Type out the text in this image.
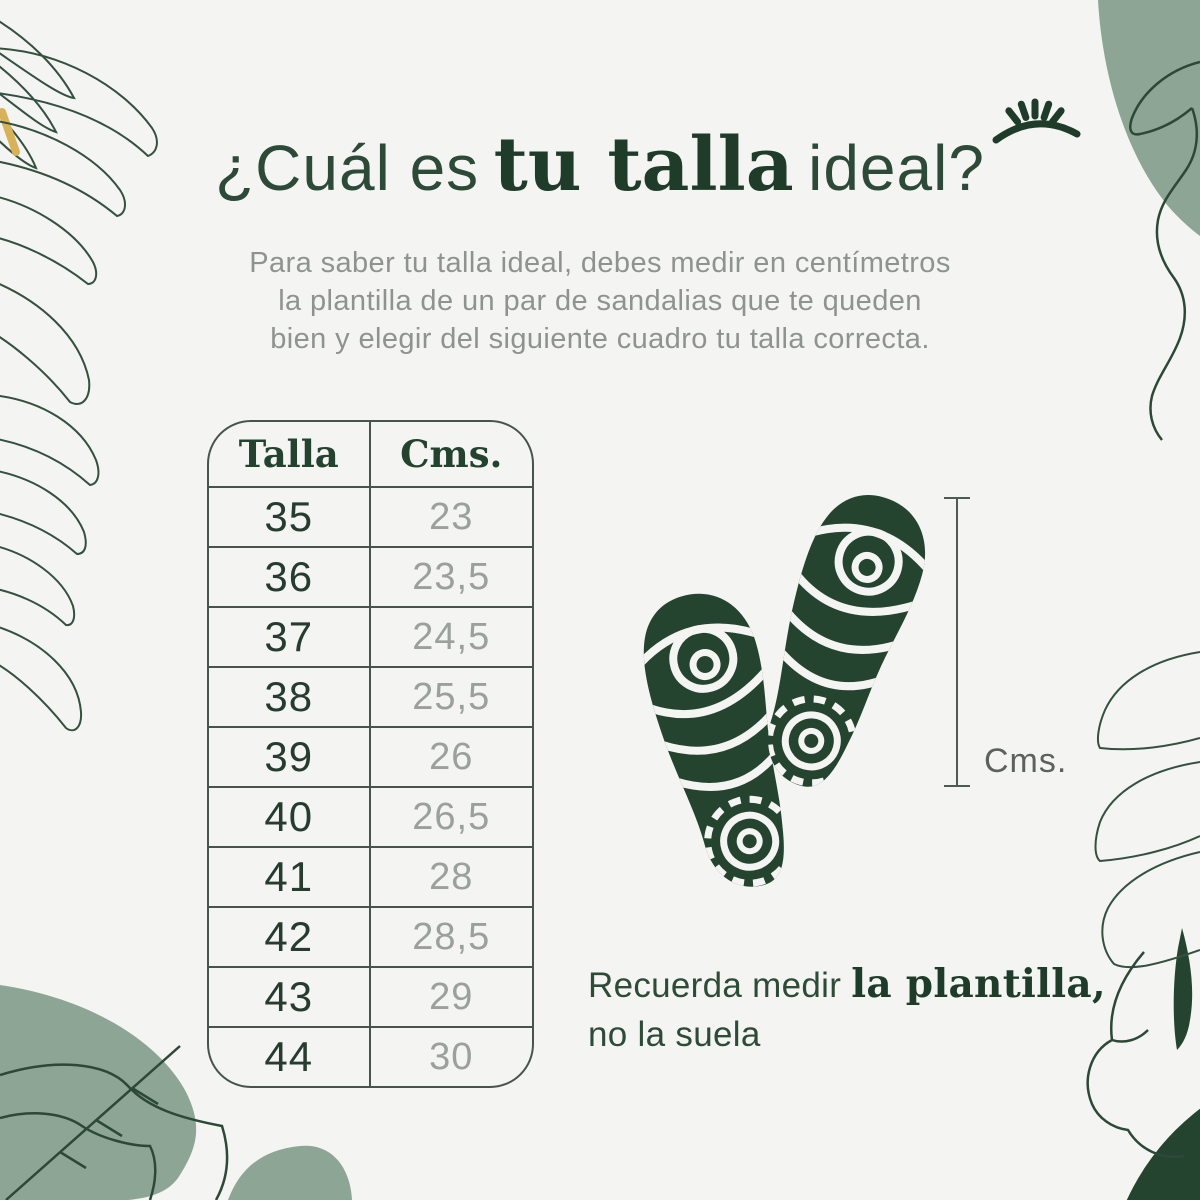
¿Cuál es tu talla ideal?
Para saber tu talla ideal, debes medir en centímetros
la plantilla de un par de sandalias que te queden
bien y elegir del siguiente cuadro tu talla correcta.
Talla	Cms.
35	23
36	23,5
37	24,5
38	25,5
39	26
40	26,5
41	28
42	28,5
43	29
44	30
Cms.
Recuerda medir la plantilla,
no la suela
